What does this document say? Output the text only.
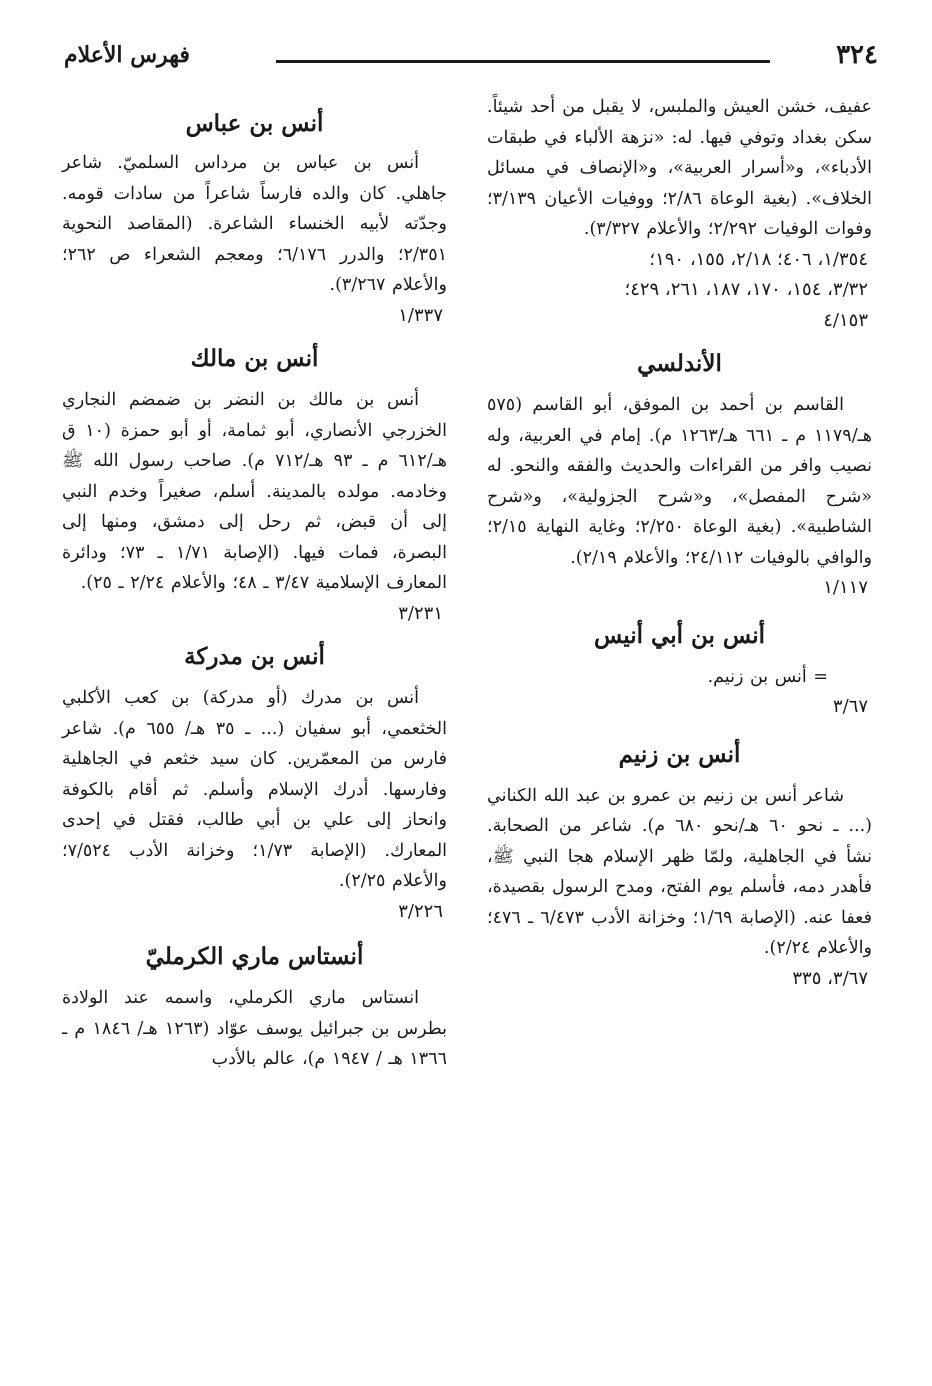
٣٢٤
فهرس الأعلام

عفيف، خشن العيش والملبس، لا يقبل من أحد شيئاً. سكن بغداد وتوفي فيها. له: «نزهة الألباء في طبقات الأدباء»، و«أسرار العربية»، و«الإنصاف في مسائل الخلاف». (بغية الوعاة ٢/٨٦؛ ووفيات الأعيان ٣/١٣٩؛ وفوات الوفيات ٢/٢٩٢؛ والأعلام ٣/٣٢٧).

١/٣٥٤، ٤٠٦؛ ٢/١٨، ١٥٥، ١٩٠؛

٣/٣٢، ١٥٤، ١٧٠، ١٨٧، ٢٦١، ٤٢٩؛

٤/١٥٣

الأندلسي

القاسم بن أحمد بن الموفق، أبو القاسم (٥٧٥ هـ/١١٧٩ م ـ ٦٦١ هـ/١٢٦٣ م). إمام في العربية، وله نصيب وافر من القراءات والحديث والفقه والنحو. له «شرح المفصل»، و«شرح الجزولية»، و«شرح الشاطبية». (بغية الوعاة ٢/٢٥٠؛ وغاية النهاية ٢/١٥؛ والوافي بالوفيات ٢٤/١١٢؛ والأعلام ٢/١٩).

١/١١٧

أنس بن أبي أنيس

= أنس بن زنيم.

٣/٦٧

أنس بن زنيم

شاعر أنس بن زنيم بن عمرو بن عبد الله الكناني (... ـ نحو ٦٠ هـ/نحو ٦٨٠ م). شاعر من الصحابة. نشأ في الجاهلية، ولمّا ظهر الإسلام هجا النبي ﷺ، فأهدر دمه، فأسلم يوم الفتح، ومدح الرسول بقصيدة، فعفا عنه. (الإصابة ١/٦٩؛ وخزانة الأدب ٦/٤٧٣ ـ ٤٧٦؛ والأعلام ٢/٢٤).

٣/٦٧، ٣٣٥

أنس بن عباس

أنس بن عباس بن مرداس السلميّ. شاعر جاهلي. كان والده فارساً شاعراً من سادات قومه. وجدّته لأبيه الخنساء الشاعرة. (المقاصد النحوية ٢/٣٥١؛ والدرر ٦/١٧٦؛ ومعجم الشعراء ص ٢٦٢؛ والأعلام ٣/٢٦٧).

١/٣٣٧

أنس بن مالك

أنس بن مالك بن النضر بن ضمضم النجاري الخزرجي الأنصاري، أبو ثمامة، أو أبو حمزة (١٠ ق هـ/٦١٢ م ـ ٩٣ هـ/٧١٢ م). صاحب رسول الله ﷺ وخادمه. مولده بالمدينة. أسلم، صغيراً وخدم النبي إلى أن قبض، ثم رحل إلى دمشق، ومنها إلى البصرة، فمات فيها. (الإصابة ١/٧١ ـ ٧٣؛ ودائرة المعارف الإسلامية ٣/٤٧ ـ ٤٨؛ والأعلام ٢/٢٤ ـ ٢٥).

٣/٢٣١

أنس بن مدركة

أنس بن مدرك (أو مدركة) بن كعب الأكلبي الخثعمي، أبو سفيان (... ـ ٣٥ هـ/ ٦٥٥ م). شاعر فارس من المعمّرين. كان سيد خثعم في الجاهلية وفارسها. أدرك الإسلام وأسلم. ثم أقام بالكوفة وانحاز إلى علي بن أبي طالب، فقتل في إحدى المعارك. (الإصابة ١/٧٣؛ وخزانة الأدب ٧/٥٢٤؛ والأعلام ٢/٢٥).

٣/٢٢٦

أنستاس ماري الكرمليّ

انستاس ماري الكرملي، واسمه عند الولادة بطرس بن جبرائيل يوسف عوّاد (١٢٦٣ هـ/ ١٨٤٦ م ـ ١٣٦٦ هـ / ١٩٤٧ م)، عالم بالأدب
